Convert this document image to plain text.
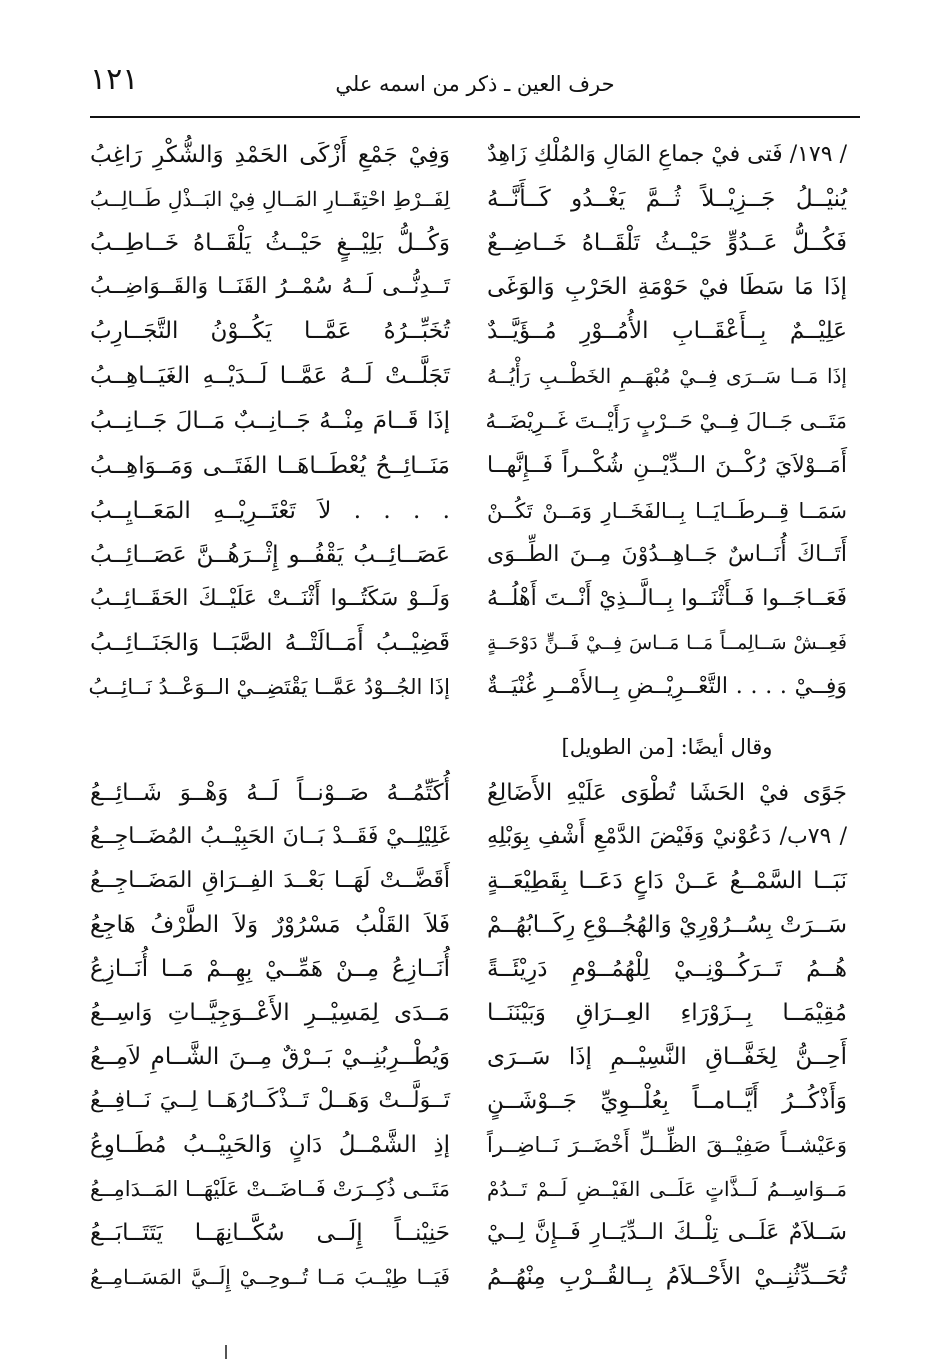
١٢١	حرف العين ـ ذكر من اسمه علي
/ ١٧٩/ فَتى فيْ جماعِ المَالِ وَالمُلْكِ زَاهِدٌ
يُنيْــلُ جَــزِيْــلاً ثُــمَّ يَغْــدُو كَــأَنَّــهُ
فَكُــلُّ عَــدُوٍّ حَيْــثُ تَلْقَــاهُ خَــاضِــعٌ
إذَا مَا سَطَا فيْ حَوْمَةِ الحَرْبِ وَالوَغَى
عَلِيْــمٌ بِــأَعْقَــابِ الأُمُــوْرِ مُــؤَيَّــدٌ
إذَا مَــا سَــرَى فِــيْ مُبْهَــمِ الخَطْــبِ رَأْيُــهُ
مَتَــى جَــالَ فِــيْ حَــرْبٍ رَأَيْــتَ غَــرِيْضَــهُ
أَمَــوْلاَيَ رُكْــنَ الــدِّيْــنِ شُكْــراً فَــإِنَّهــا
سَمَــا قِــرطَــايَــا بِــالفَخَــارِ وَمَــنْ تَكُــنْ
أَتَــاكَ أُنَــاسٌ جَــاهِــدُوْنَ مِــنَ الطِّــوَى
فَعَــاجَــوا فَــأَثْنَــوا بِــالَّــذِيْ أَنْــتَ أَهْلُــهُ
فَعِــشْ سَــالِمــاً مَــا مَــاسَ فِــيْ فَــنٍّ دَوْحَــةٍ
وَفِــيْ . . . . التَّعْــرِيْــضِ بِــالأَمْــرِ غُنْيَــةٌ
وقال أيضًا: [من الطويل]
جَوًى فيْ الحَشَا تُطْوَى عَلَيْهِ الأَضَالِعُ
/ ٧٩ب/ دَعُوْنيْ وَفَيْضَ الدَّمْعِ أَشْفِ بِوَبْلِهِ
نَبَــا السَّمْــعُ عَــنْ دَاعٍ دَعَــا بِقَطِيْعَــةٍ
سَــرَتْ بِسُــرُوْرِيْ وَالهُجُــوْعِ رِكَــابُهُــمْ
هُــمُ تَــرَكُــوْنِــيْ لِلْهُمُــوْمِ دَرِيْئَــةً
مُقِيْمَــا بِــزَوْرَاءِ العِــرَاقِ وَبَيْنَنَــا
أَحِــنُّ لِخَفَّــاقِ النَّسِيْــمِ إذَا سَــرَى
وَأَذْكُــرُ أَيَّــامــاً بِعُلْــوِيِّ جَــوْشَــنٍ
وَعَيْشــاً صَفِيْــقَ الظِّــلِّ أَخْضَــرَ نَــاضِــراً
مَــوَاسِــمُ لَــذَّاتٍ عَلَــى الفَيْــضِ لَــمْ تَــدُمْ
سَــلاَمٌ عَلَــى تِلْــكَ الــدِّيَــارِ فَــإِنَّ لِــيْ
تُحَــدِّثُنِــيْ الأَحْــلاَمُ بِــالقُــرْبِ مِنْهُــمُ
وَفِيْ جَمْعِ أَزْكَى الحَمْدِ وَالشُّكْرِ رَاغِبُ
لِفَــرْطِ احْتِقَــارِ المَــالِ فِيْ البَــذْلِ طَــالِــبُ
وَكُــلُّ بَلِيْــغٍ حَيْــثُ يَلْقَــاهُ خَــاطِــبُ
تَــدِنُّــى لَــهُ سُمْــرُ القَنَــا وَالقَــوَاضِــبُ
تُخَبِّــرُهُ عَمَّــا يَكُــوْنُ التَّجَــارِبُ
تَجَلَّــتْ لَــهُ عَمَّــا لَــدَيْــهِ الغَيَــاهِــبُ
إذَا قَــامَ مِنْــهُ جَــانِــبٌ مَــالَ جَــانِــبُ
مَنَــائِــحُ يُعْطَــاهَــا الفَتَــى وَمَــوَاهِــبُ
. . . . لاَ تَعْتَــرِيْــهِ المَعَــايِــبُ
عَصَــائِــبُ يَقْفُــو إِثْــرَهُــنَّ عَصَــائِــبُ
وَلَــوْ سَكَتُــوا أَثْنَــتْ عَلَيْــكَ الحَقَــائِــبُ
قَضِيْــبُ أَمَــالَتْــهُ الصَّبَــا وَالجَنَــائِــبُ
إذَا الجُــوْدُ عَمَّــا يَقْتَضِــيْ الــوَعْــدُ نَــائِــبُ
أُكَتِّمُــهُ صَــوْنــاً لَــهُ وَهْــوَ شَــائِــعُ
غَلِيْلِــيْ فَقَــدْ بَــانَ الحَبِيْــبُ المُضَــاجِــعُ
أَقَضَّــتْ لَهَــا بَعْــدَ الفِــرَاقِ المَضَــاجِــعُ
فَلاَ القَلْبُ مَسْرُوْرٌ وَلاَ الطَّرْفُ هَاجِعُ
أُنَــازِعُ مِــنْ هَمِّــيْ بِهِــمْ مَــا أُنَــازِعُ
مَــدَى لِمَسِيْــرِ الأَعْــوَجِيَّــاتِ وَاسِــعُ
وَيُطْــرِبُنِــيْ بَــرْقٌ مِــنَ الشَّــامِ لاَمِــعُ
تَــوَلَّــتْ وَهَــلْ تَــذْكَــارُهَــا لِــيَ نَــافِــعُ
إذِ الشَّمْــلُ دَانٍ وَالحَبِيْــبُ مُطَــاوِعُ
مَتَــى ذُكِــرَتْ فَــاضَــتْ عَلَيْهَــا المَــدَامِــعُ
حَنِيْنــاً إِلَــى سُكَّــانِهَــا يَتَتَــابَــعُ
فَيَــا طِيْــبَ مَــا تُــوحِــيْ إِلَــيَّ المَسَــامِــعُ
